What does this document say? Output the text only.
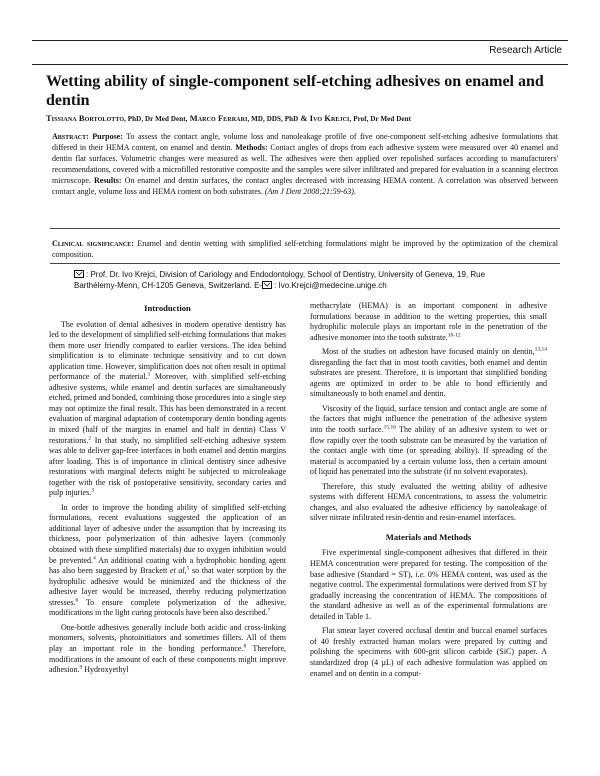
Research Article
Wetting ability of single-component self-etching adhesives on enamel and dentin
Tissiana Bortolotto, PhD, Dr Med Dent, Marco Ferrari, MD, DDS, PhD & Ivo Krejci, Prof, Dr Med Dent
Abstract: Purpose: To assess the contact angle, volume loss and nanoleakage profile of five one-component self-etching adhesive formulations that differed in their HEMA content, on enamel and dentin. Methods: Contact angles of drops from each adhesive system were measured over 40 enamel and dentin flat surfaces. Volumetric changes were measured as well. The adhesives were then applied over repolished surfaces according to manufacturers' recommendations, covered with a microfilled restorative composite and the samples were silver infiltrated and prepared for evaluation in a scanning electron microscope. Results: On enamel and dentin surfaces, the contact angles decreased with increasing HEMA content. A correlation was observed between contact angle, volume loss and HEMA content on both substrates. (Am J Dent 2008;21:59-63).
Clinical significance: Enamel and dentin wetting with simplified self-etching formulations might be improved by the optimization of the chemical composition.
: Prof. Dr. Ivo Krejci, Division of Cariology and Endodontology, School of Dentistry, University of Geneva, 19, Rue
Barthélemy-Menn, CH-1205 Geneva, Switzerland. E- : Ivo.Krejci@medecine.unige.ch
Introduction

The evolution of dental adhesives in modern operative dentistry has led to the development of simplified self-etching formulations that makes them more user friendly compared to earlier versions. The idea behind simplification is to eliminate technique sensitivity and to cut down application time. However, simplification does not often result in optimal performance of the material.$^1$ Moreover, with simplified self-etching adhesive systems, while enamel and dentin surfaces are simultaneously etched, primed and bonded, combining those procedures into a single step may not optimize the final result. This has been demonstrated in a recent evaluation of marginal adaptation of contemporary dentin bonding agents in mixed (half of the margins in enamel and half in dentin) Class V restorations.$^2$ In that study, no simplified self-etching adhesive system was able to deliver gap-free interfaces in both enamel and dentin margins after loading. This is of importance in clinical dentistry since adhesive restorations with marginal defects might be subjected to microleakage together with the risk of postoperative sensitivity, secondary caries and pulp injuries.$^3$

In order to improve the bonding ability of simplified self-etching formulations, recent evaluations suggested the application of an additional layer of adhesive under the assumption that by increasing its thickness, poor polymerization of thin adhesive layers (commonly obtained with these simplified materials) due to oxygen inhibition would be prevented.$^4$ An additional coating with a hydrophobic bonding agent has also been suggested by Brackett et al,$^5$ so that water sorption by the hydrophilic adhesive would be minimized and the thickness of the adhesive layer would be increased, thereby reducing polymerization stresses.$^6$ To ensure complete polymerization of the adhesive, modifications in the light curing protocols have been also described.$^7$

One-bottle adhesives generally include both acidic and cross-linking monomers, solvents, photoinitiators and sometimes fillers. All of them play an important role in the bonding performance.$^8$ Therefore, modifications in the amount of each of these components might improve adhesion.$^9$ Hydroxyethyl

methacrylate (HEMA) is an important component in adhesive formulations because in addition to the wetting properties, this small hydrophilic molecule plays an important role in the penetration of the adhesive monomer into the tooth substrate.$^{10-12}$

Most of the studies on adhesion have focused mainly on dentin,$^{13,14}$ disregarding the fact that in most tooth cavities, both enamel and dentin substrates are present. Therefore, it is important that simplified bonding agents are optimized in order to be able to bond efficiently and simultaneously to both enamel and dentin.

Viscosity of the liquid, surface tension and contact angle are some of the factors that might influence the penetration of the adhesive system into the tooth surface.$^{15,16}$ The ability of an adhesive system to wet or flow rapidly over the tooth substrate can be measured by the variation of the contact angle with time (or spreading ability). If spreading of the material is accompanied by a certain volume loss, then a certain amount of liquid has penetrated into the substrate (if no solvent evaporates).

Therefore, this study evaluated the wetting ability of adhesive systems with different HEMA concentrations, to assess the volumetric changes, and also evaluated the adhesive efficiency by nanoleakage of silver nitrate infiltrated resin-dentin and resin-enamel interfaces.

Materials and Methods

Five experimental single-component adhesives that differed in their HEMA concentration were prepared for testing. The composition of the base adhesive (Standard = ST), i.e. 0% HEMA content, was used as the negative control. The experimental formulations were derived from ST by gradually increasing the concentration of HEMA. The compositions of the standard adhesive as well as of the experimental formulations are detailed in Table 1.

Flat smear layer covered occlusal dentin and buccal enamel surfaces of 40 freshly extracted human molars were prepared by cutting and polishing the specimens with 600-grit silicon carbide (SiC) paper. A standardized drop (4 µL) of each adhesive formulation was applied on enamel and on dentin in a comput-
